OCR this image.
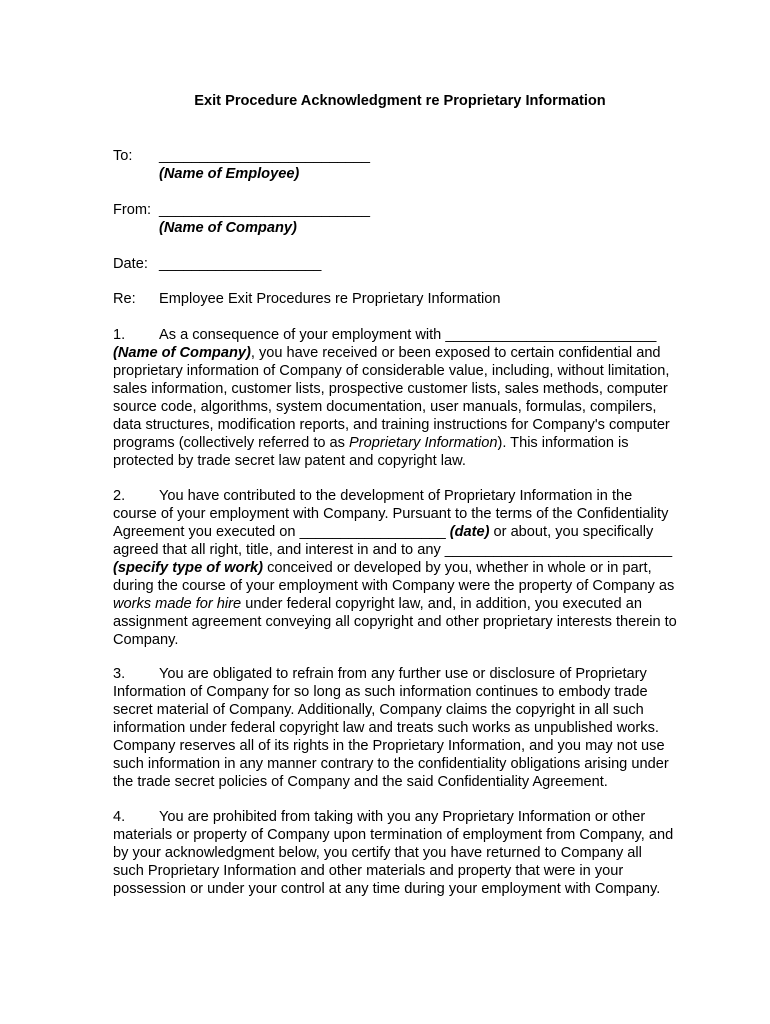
Exit Procedure Acknowledgment re Proprietary Information
To: __________________________
(Name of Employee)
From: __________________________
(Name of Company)
Date: ____________________
Re: Employee Exit Procedures re Proprietary Information
1. As a consequence of your employment with __________________________
(Name of Company), you have received or been exposed to certain confidential and
proprietary information of Company of considerable value, including, without limitation,
sales information, customer lists, prospective customer lists, sales methods, computer
source code, algorithms, system documentation, user manuals, formulas, compilers,
data structures, modification reports, and training instructions for Company's computer
programs (collectively referred to as Proprietary Information). This information is
protected by trade secret law patent and copyright law.
2. You have contributed to the development of Proprietary Information in the
course of your employment with Company. Pursuant to the terms of the Confidentiality
Agreement you executed on __________________ (date) or about, you specifically
agreed that all right, title, and interest in and to any ____________________________
(specify type of work) conceived or developed by you, whether in whole or in part,
during the course of your employment with Company were the property of Company as
works made for hire under federal copyright law, and, in addition, you executed an
assignment agreement conveying all copyright and other proprietary interests therein to
Company.
3. You are obligated to refrain from any further use or disclosure of Proprietary
Information of Company for so long as such information continues to embody trade
secret material of Company. Additionally, Company claims the copyright in all such
information under federal copyright law and treats such works as unpublished works.
Company reserves all of its rights in the Proprietary Information, and you may not use
such information in any manner contrary to the confidentiality obligations arising under
the trade secret policies of Company and the said Confidentiality Agreement.
4. You are prohibited from taking with you any Proprietary Information or other
materials or property of Company upon termination of employment from Company, and
by your acknowledgment below, you certify that you have returned to Company all
such Proprietary Information and other materials and property that were in your
possession or under your control at any time during your employment with Company.
